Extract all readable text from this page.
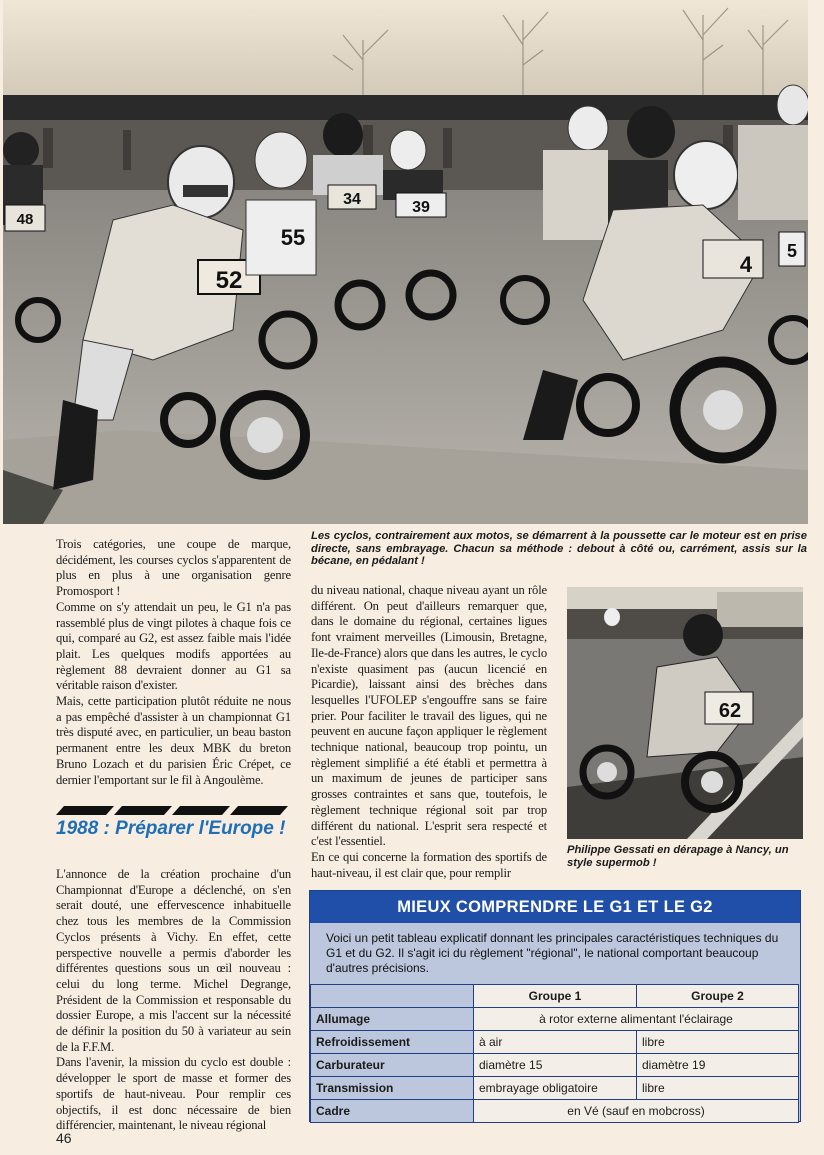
48
52
55
34	39
4
5
Les cyclos, contrairement aux motos, se démarrent à la poussette car le moteur est en prise directe, sans embrayage. Chacun sa méthode : debout à côté ou, carrément, assis sur la bécane, en pédalant !

Trois catégories, une coupe de marque, décidément, les courses cyclos s'apparentent de plus en plus à une organisation genre Promosport !

Comme on s'y attendait un peu, le G1 n'a pas rassemblé plus de vingt pilotes à chaque fois ce qui, comparé au G2, est assez faible mais l'idée plait. Les quelques modifs apportées au règlement 88 devraient donner au G1 sa véritable raison d'exister.

Mais, cette participation plutôt réduite ne nous a pas empêché d'assister à un championnat G1 très disputé avec, en particulier, un beau baston permanent entre les deux MBK du breton Bruno Lozach et du parisien Éric Crépet, ce dernier l'emportant sur le fil à Angoulème.

1988 : Préparer l'Europe !

L'annonce de la création prochaine d'un Championnat d'Europe a déclenché, on s'en serait douté, une effervescence inhabituelle chez tous les membres de la Commission Cyclos présents à Vichy. En effet, cette perspective nouvelle a permis d'aborder les différentes questions sous un œil nouveau : celui du long terme. Michel Degrange, Président de la Commission et responsable du dossier Europe, a mis l'accent sur la nécessité de définir la position du 50 à variateur au sein de la F.F.M.

Dans l'avenir, la mission du cyclo est double : développer le sport de masse et former des sportifs de haut-niveau. Pour remplir ces objectifs, il est donc nécessaire de bien différencier, maintenant, le niveau régional

du niveau national, chaque niveau ayant un rôle différent. On peut d'ailleurs remarquer que, dans le domaine du régional, certaines ligues font vraiment merveilles (Limousin, Bretagne, Ile-de-France) alors que dans les autres, le cyclo n'existe quasiment pas (aucun licencié en Picardie), laissant ainsi des brèches dans lesquelles l'UFOLEP s'engouffre sans se faire prier. Pour faciliter le travail des ligues, qui ne peuvent en aucune façon appliquer le règlement technique national, beaucoup trop pointu, un règlement simplifié a été établi et permettra à un maximum de jeunes de participer sans grosses contraintes et sans que, toutefois, le règlement technique régional soit par trop différent du national. L'esprit sera respecté et c'est l'essentiel.

En ce qui concerne la formation des sportifs de haut-niveau, il est clair que, pour remplir

62
Philippe Gessati en dérapage à Nancy, un style supermob !
MIEUX COMPRENDRE LE G1 ET LE G2
Voici un petit tableau explicatif donnant les principales caractéristiques techniques du G1 et du G2. Il s'agit ici du règlement "régional", le national comportant beaucoup d'autres précisions.
	Groupe 1	Groupe 2
Allumage	à rotor externe alimentant l'éclairage	
Refroidissement	à air	libre
Carburateur	diamètre 15	diamètre 19
Transmission	embrayage obligatoire	libre
Cadre	en Vé (sauf en mobcross)	
46
